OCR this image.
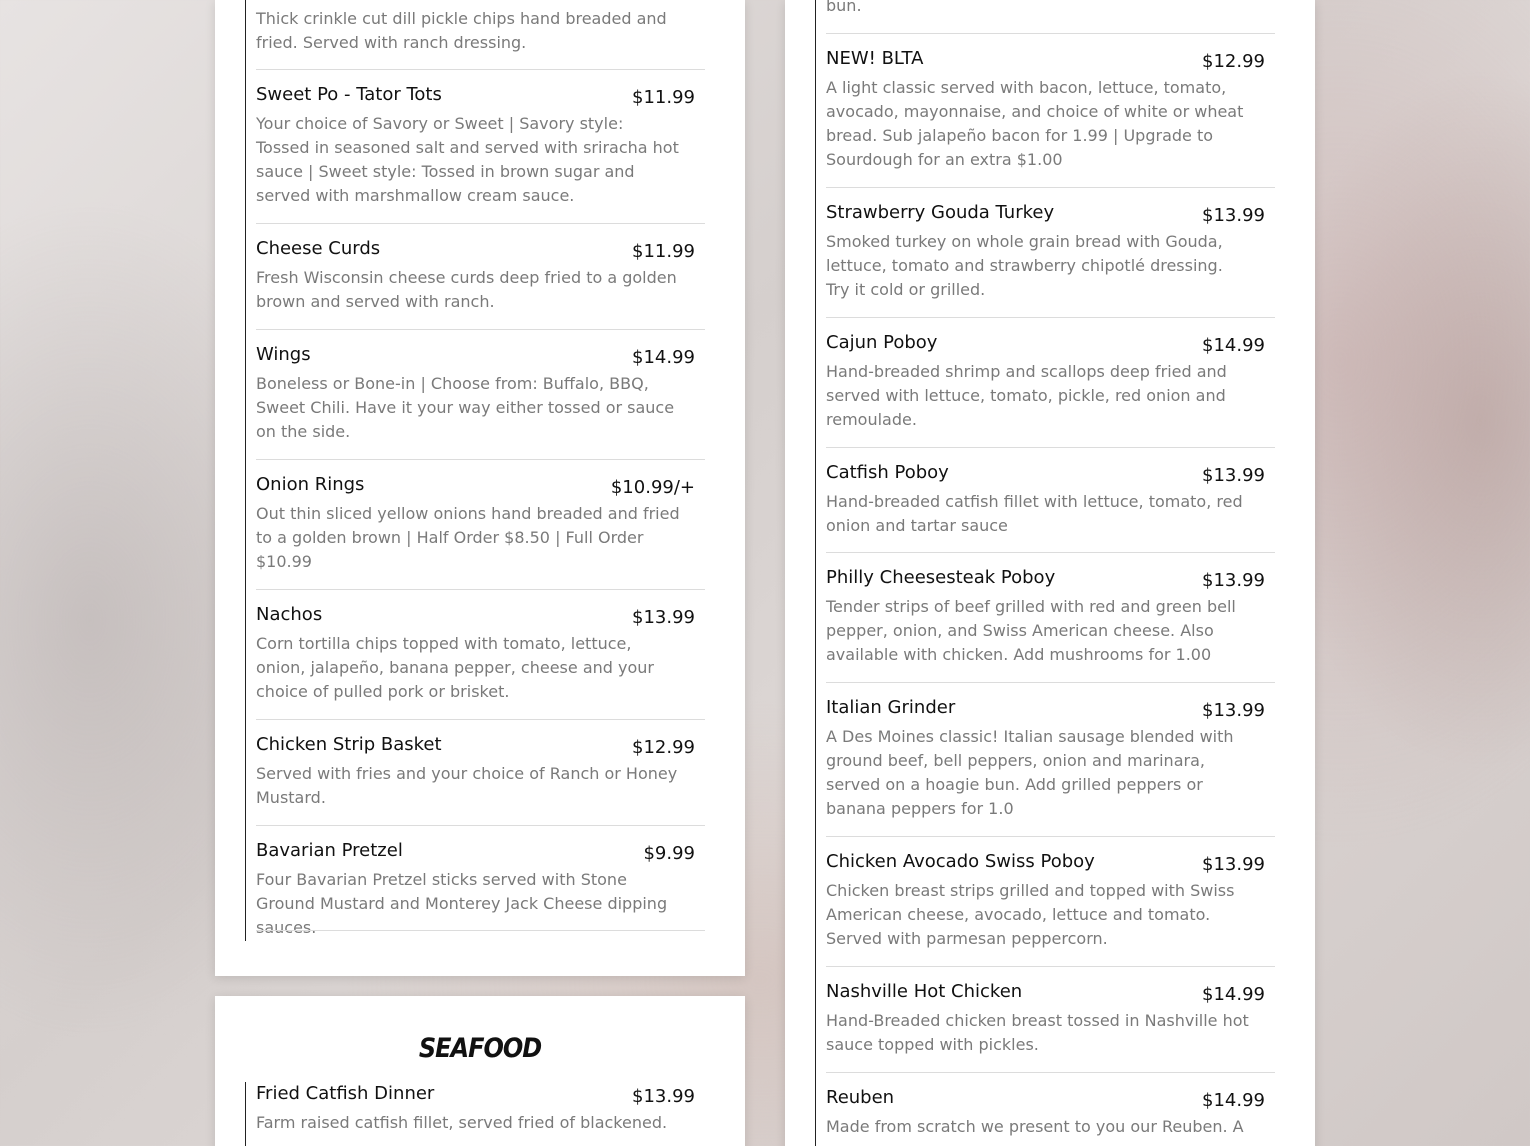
Thick crinkle cut dill pickle chips hand breaded and fried. Served with ranch dressing.
Sweet Po - Tator Tots	$11.99
Your choice of Savory or Sweet | Savory style: Tossed in seasoned salt and served with sriracha hot sauce | Sweet style: Tossed in brown sugar and served with marshmallow cream sauce.
Cheese Curds	$11.99
Fresh Wisconsin cheese curds deep fried to a golden brown and served with ranch.
Wings	$14.99
Boneless or Bone-in | Choose from: Buffalo, BBQ, Sweet Chili. Have it your way either tossed or sauce on the side.
Onion Rings	$10.99/+
Out thin sliced yellow onions hand breaded and fried to a golden brown | Half Order $8.50 | Full Order $10.99
Nachos	$13.99
Corn tortilla chips topped with tomato, lettuce, onion, jalapeño, banana pepper, cheese and your choice of pulled pork or brisket.
Chicken Strip Basket	$12.99
Served with fries and your choice of Ranch or Honey Mustard.
Bavarian Pretzel	$9.99
Four Bavarian Pretzel sticks served with Stone Ground Mustard and Monterey Jack Cheese dipping sauces.
SEAFOOD
Fried Catfish Dinner	$13.99
Farm raised catfish fillet, served fried of blackened.
bun.
NEW! BLTA	$12.99
A light classic served with bacon, lettuce, tomato, avocado, mayonnaise, and choice of white or wheat bread. Sub jalapeño bacon for 1.99 | Upgrade to Sourdough for an extra $1.00
Strawberry Gouda Turkey	$13.99
Smoked turkey on whole grain bread with Gouda, lettuce, tomato and strawberry chipotlé dressing. Try it cold or grilled.
Cajun Poboy	$14.99
Hand-breaded shrimp and scallops deep fried and served with lettuce, tomato, pickle, red onion and remoulade.
Catfish Poboy	$13.99
Hand-breaded catfish fillet with lettuce, tomato, red onion and tartar sauce
Philly Cheesesteak Poboy	$13.99
Tender strips of beef grilled with red and green bell pepper, onion, and Swiss American cheese. Also available with chicken. Add mushrooms for 1.00
Italian Grinder	$13.99
A Des Moines classic! Italian sausage blended with ground beef, bell peppers, onion and marinara, served on a hoagie bun. Add grilled peppers or banana peppers for 1.0
Chicken Avocado Swiss Poboy	$13.99
Chicken breast strips grilled and topped with Swiss American cheese, avocado, lettuce and tomato. Served with parmesan peppercorn.
Nashville Hot Chicken	$14.99
Hand-Breaded chicken breast tossed in Nashville hot sauce topped with pickles.
Reuben	$14.99
Made from scratch we present to you our Reuben. A
